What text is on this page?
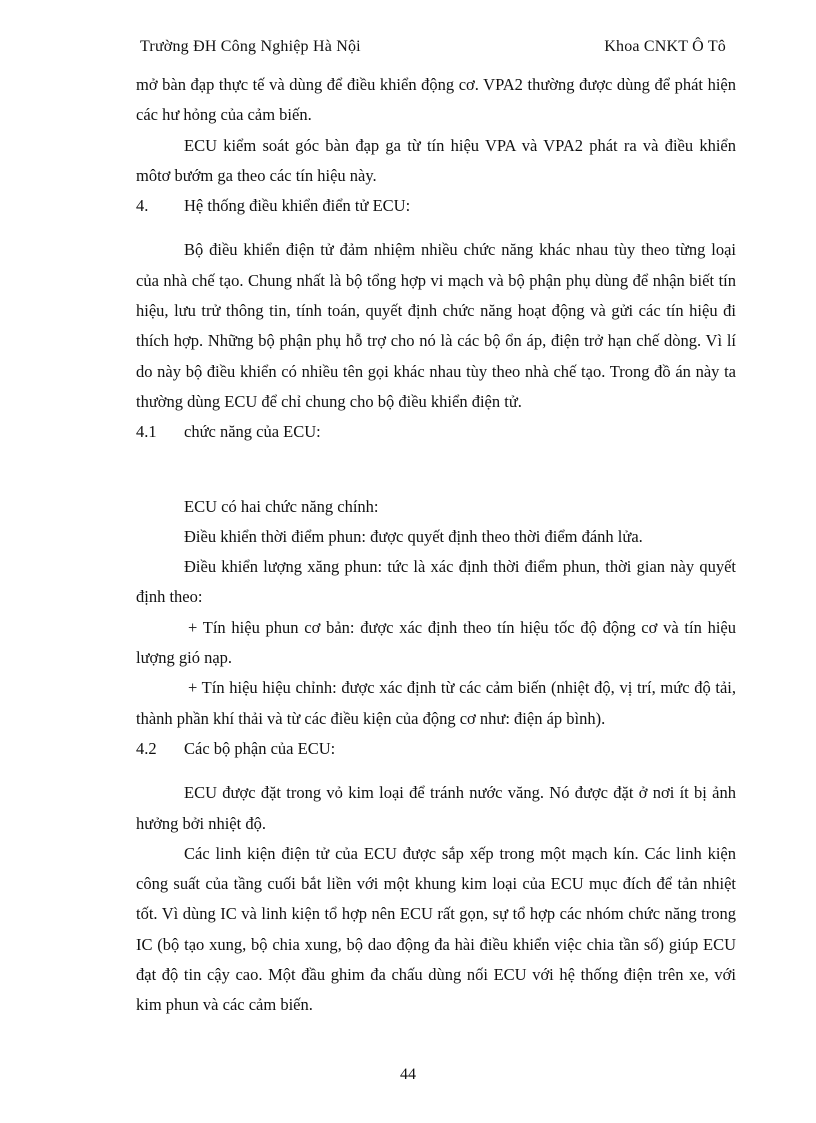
Trường ĐH Công Nghiệp Hà Nội	Khoa CNKT Ô Tô

mở bàn đạp thực tế và dùng để điều khiển động cơ. VPA2 thường được dùng để phát hiện các hư hỏng của cảm biến.

ECU kiểm soát góc bàn đạp ga từ tín hiệu VPA và VPA2 phát ra và điều khiển môtơ bướm ga theo các tín hiệu này.

4. Hệ thống điều khiển điển tử ECU:

Bộ điều khiển điện tử đảm nhiệm nhiều chức năng khác nhau tùy theo từng loại của nhà chế tạo. Chung nhất là bộ tổng hợp vi mạch và bộ phận phụ dùng để nhận biết tín hiệu, lưu trử thông tin, tính toán, quyết định chức năng hoạt động và gửi các tín hiệu đi thích hợp. Những bộ phận phụ hỗ trợ cho nó là các bộ ổn áp, điện trở hạn chế dòng. Vì lí do này bộ điều khiển có nhiều tên gọi khác nhau tùy theo nhà chế tạo. Trong đồ án này ta thường dùng ECU để chỉ chung cho bộ điều khiển điện tử.

4.1 chức năng của ECU:

ECU có hai chức năng chính:

Điều khiển thời điểm phun: được quyết định theo thời điểm đánh lửa.

Điều khiển lượng xăng phun: tức là xác định thời điểm phun, thời gian này quyết định theo:

+ Tín hiệu phun cơ bản: được xác định theo tín hiệu tốc độ động cơ và tín hiệu lượng gió nạp.

+ Tín hiệu hiệu chỉnh: được xác định từ các cảm biến (nhiệt độ, vị trí, mức độ tải, thành phần khí thải và từ các điều kiện của động cơ như: điện áp bình).

4.2 Các bộ phận của ECU:

ECU được đặt trong vỏ kim loại để tránh nước văng. Nó được đặt ở nơi ít bị ảnh hưởng bởi nhiệt độ.

Các linh kiện điện tử của ECU được sắp xếp trong một mạch kín. Các linh kiện công suất của tầng cuối bắt liền với một khung kim loại của ECU mục đích để tản nhiệt tốt. Vì dùng IC và linh kiện tổ hợp nên ECU rất gọn, sự tổ hợp các nhóm chức năng trong IC (bộ tạo xung, bộ chia xung, bộ dao động đa hài điều khiển việc chia tần số) giúp ECU đạt độ tin cậy cao. Một đầu ghim đa chấu dùng nối ECU với hệ thống điện trên xe, với kim phun và các cảm biến.

44
